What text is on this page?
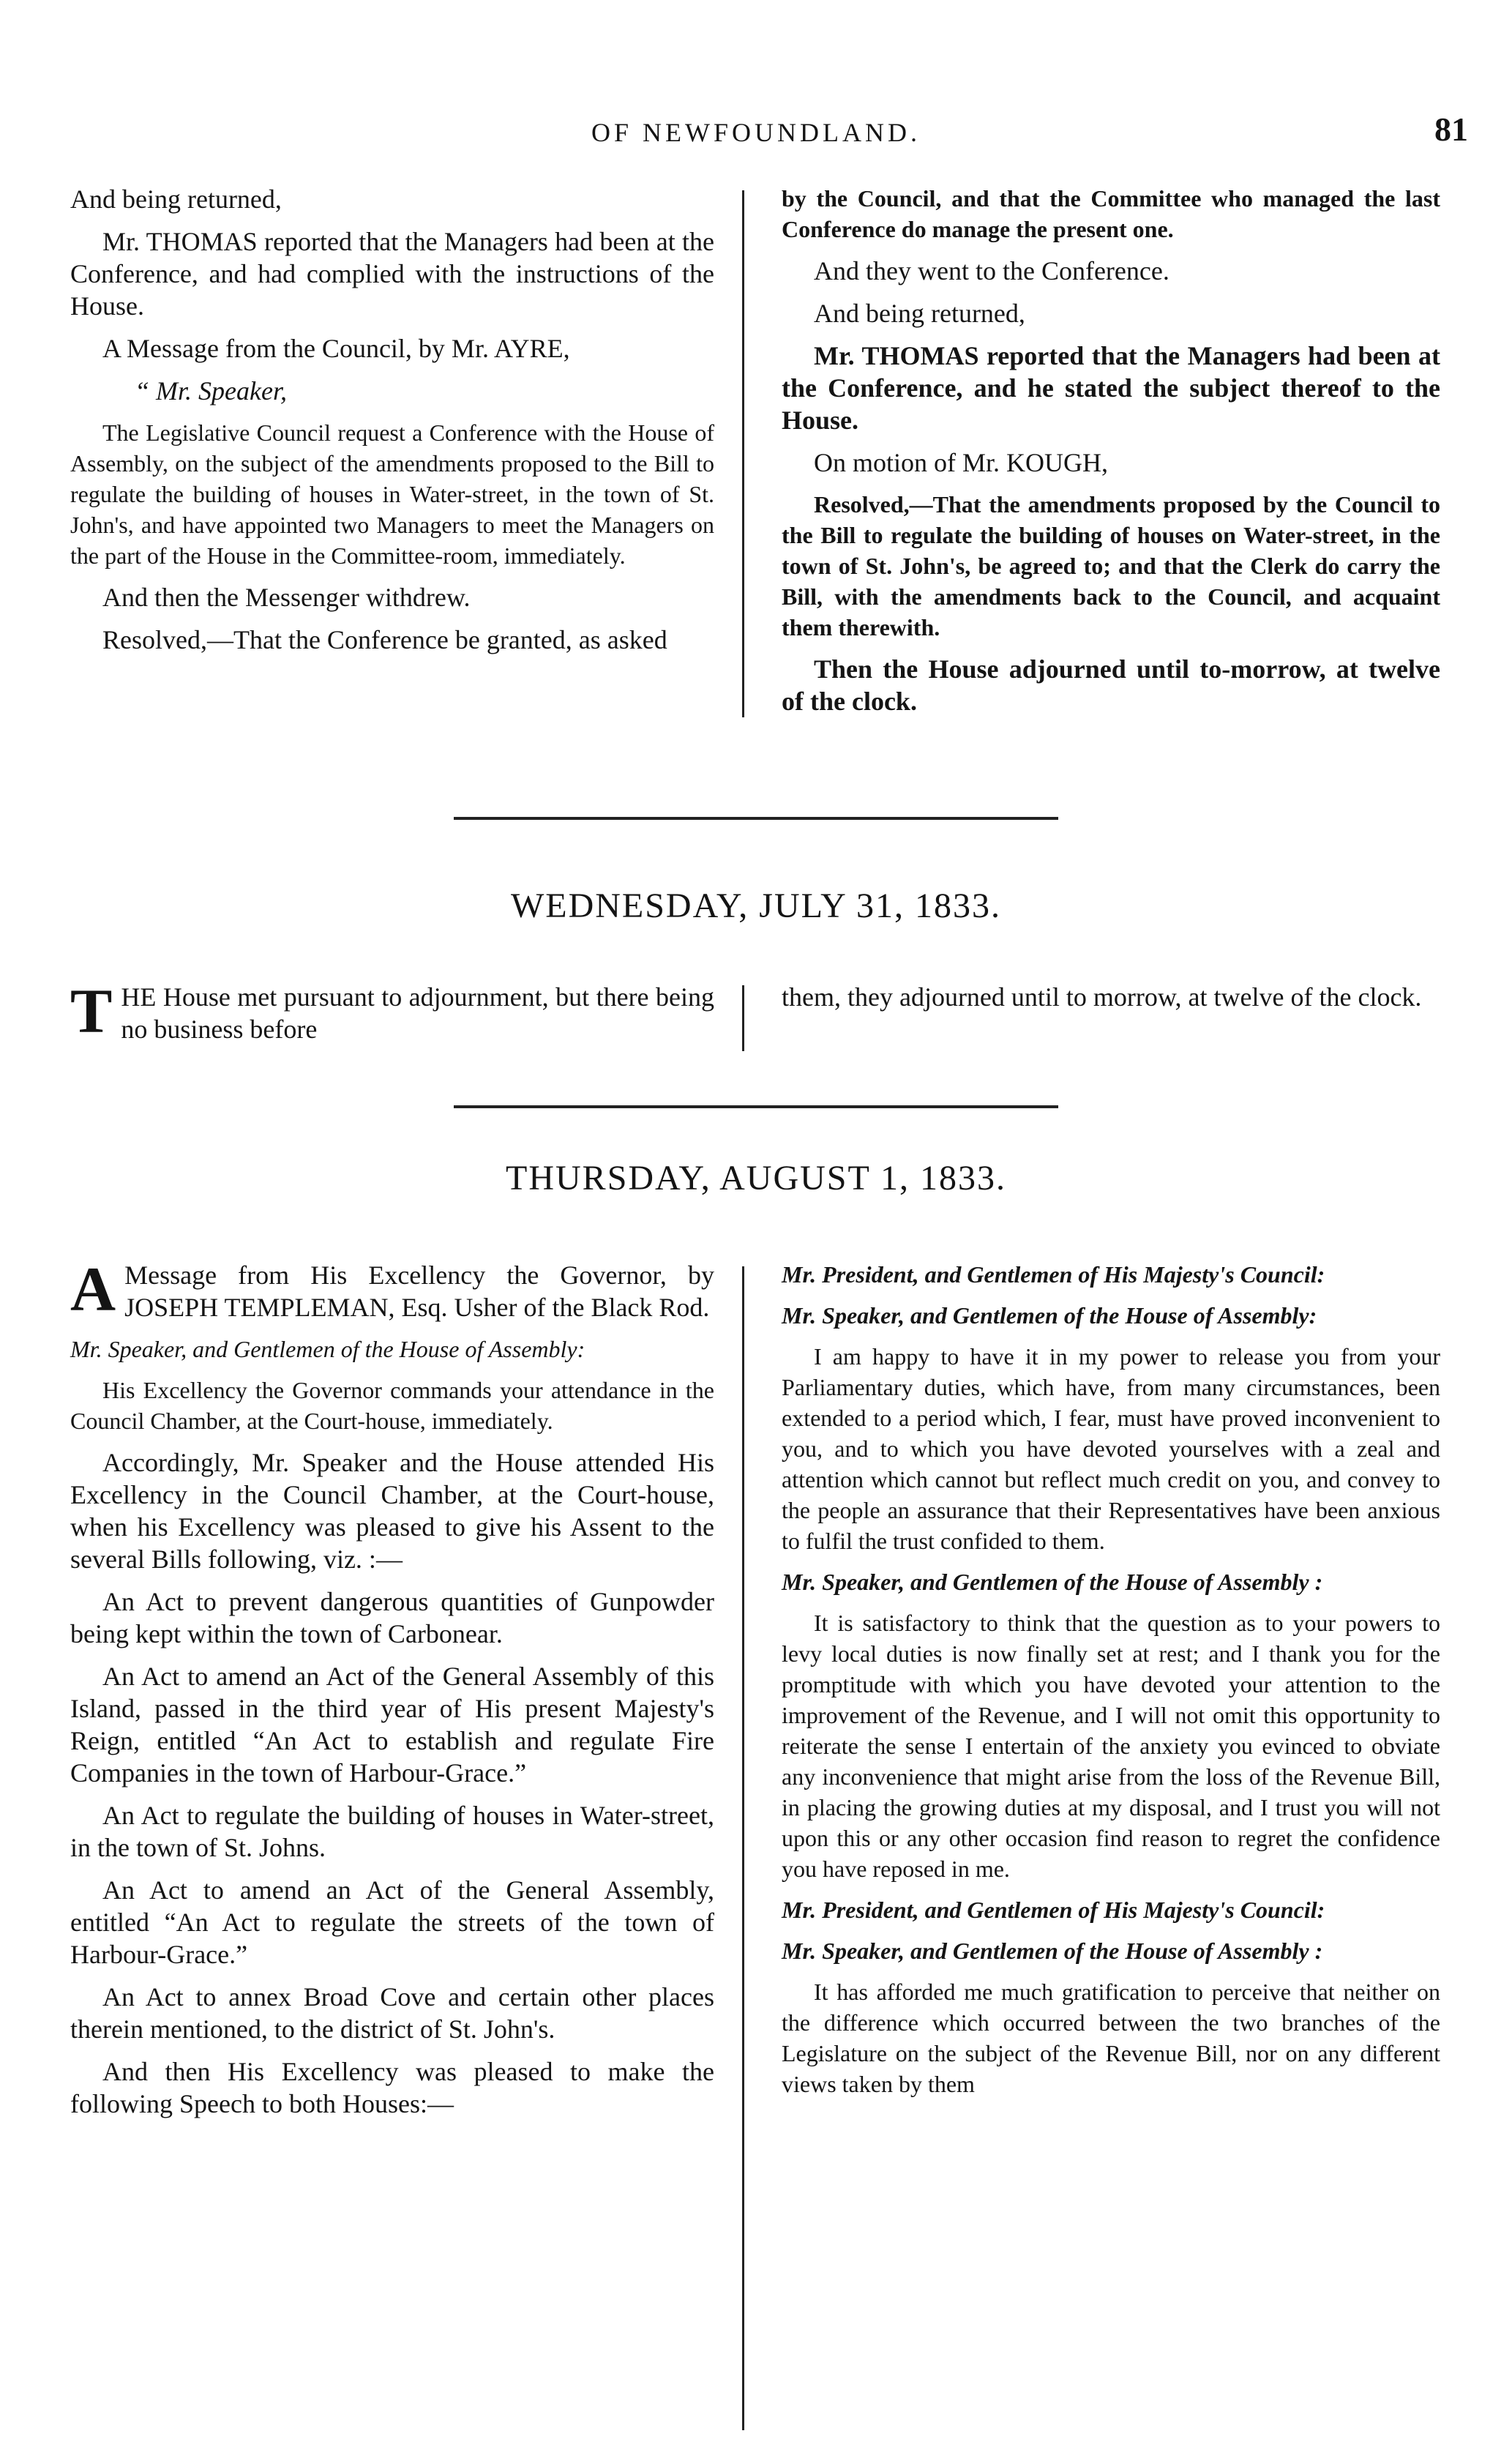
OF NEWFOUNDLAND.	81

And being returned,

Mr. THOMAS reported that the Managers had been at the Conference, and had complied with the instructions of the House.

A Message from the Council, by Mr. AYRE,

“ Mr. Speaker,

The Legislative Council request a Conference with the House of Assembly, on the subject of the amendments proposed to the Bill to regulate the building of houses in Water-street, in the town of St. John's, and have appointed two Managers to meet the Managers on the part of the House in the Committee-room, immediately.

And then the Messenger withdrew.

Resolved,—That the Conference be granted, as asked

by the Council, and that the Committee who managed the last Conference do manage the present one.

And they went to the Conference.

And being returned,

Mr. THOMAS reported that the Managers had been at the Conference, and he stated the subject thereof to the House.

On motion of Mr. KOUGH,

Resolved,—That the amendments proposed by the Council to the Bill to regulate the building of houses on Water-street, in the town of St. John's, be agreed to; and that the Clerk do carry the Bill, with the amendments back to the Council, and acquaint them therewith.

Then the House adjourned until to-morrow, at twelve of the clock.

WEDNESDAY, JULY 31, 1833.

THE House met pursuant to adjournment, but there being no business before

them, they adjourned until to morrow, at twelve of the clock.

THURSDAY, AUGUST 1, 1833.

A Message from His Excellency the Governor, by JOSEPH TEMPLEMAN, Esq. Usher of the Black Rod.

Mr. Speaker, and Gentlemen of the House of Assembly:

His Excellency the Governor commands your attendance in the Council Chamber, at the Court-house, immediately.

Accordingly, Mr. Speaker and the House attended His Excellency in the Council Chamber, at the Court-house, when his Excellency was pleased to give his Assent to the several Bills following, viz. :—

An Act to prevent dangerous quantities of Gunpowder being kept within the town of Carbonear.

An Act to amend an Act of the General Assembly of this Island, passed in the third year of His present Majesty's Reign, entitled “An Act to establish and regulate Fire Companies in the town of Harbour-Grace.”

An Act to regulate the building of houses in Water-street, in the town of St. Johns.

An Act to amend an Act of the General Assembly, entitled “An Act to regulate the streets of the town of Harbour-Grace.”

An Act to annex Broad Cove and certain other places therein mentioned, to the district of St. John's.

And then His Excellency was pleased to make the following Speech to both Houses:—

Mr. President, and Gentlemen of His Majesty's Council:

Mr. Speaker, and Gentlemen of the House of Assembly:

I am happy to have it in my power to release you from your Parliamentary duties, which have, from many circumstances, been extended to a period which, I fear, must have proved inconvenient to you, and to which you have devoted yourselves with a zeal and attention which cannot but reflect much credit on you, and convey to the people an assurance that their Representatives have been anxious to fulfil the trust confided to them.

Mr. Speaker, and Gentlemen of the House of Assembly :

It is satisfactory to think that the question as to your powers to levy local duties is now finally set at rest; and I thank you for the promptitude with which you have devoted your attention to the improvement of the Revenue, and I will not omit this opportunity to reiterate the sense I entertain of the anxiety you evinced to obviate any inconvenience that might arise from the loss of the Revenue Bill, in placing the growing duties at my disposal, and I trust you will not upon this or any other occasion find reason to regret the confidence you have reposed in me.

Mr. President, and Gentlemen of His Majesty's Council:

Mr. Speaker, and Gentlemen of the House of Assembly :

It has afforded me much gratification to perceive that neither on the difference which occurred between the two branches of the Legislature on the subject of the Revenue Bill, nor on any different views taken by them
